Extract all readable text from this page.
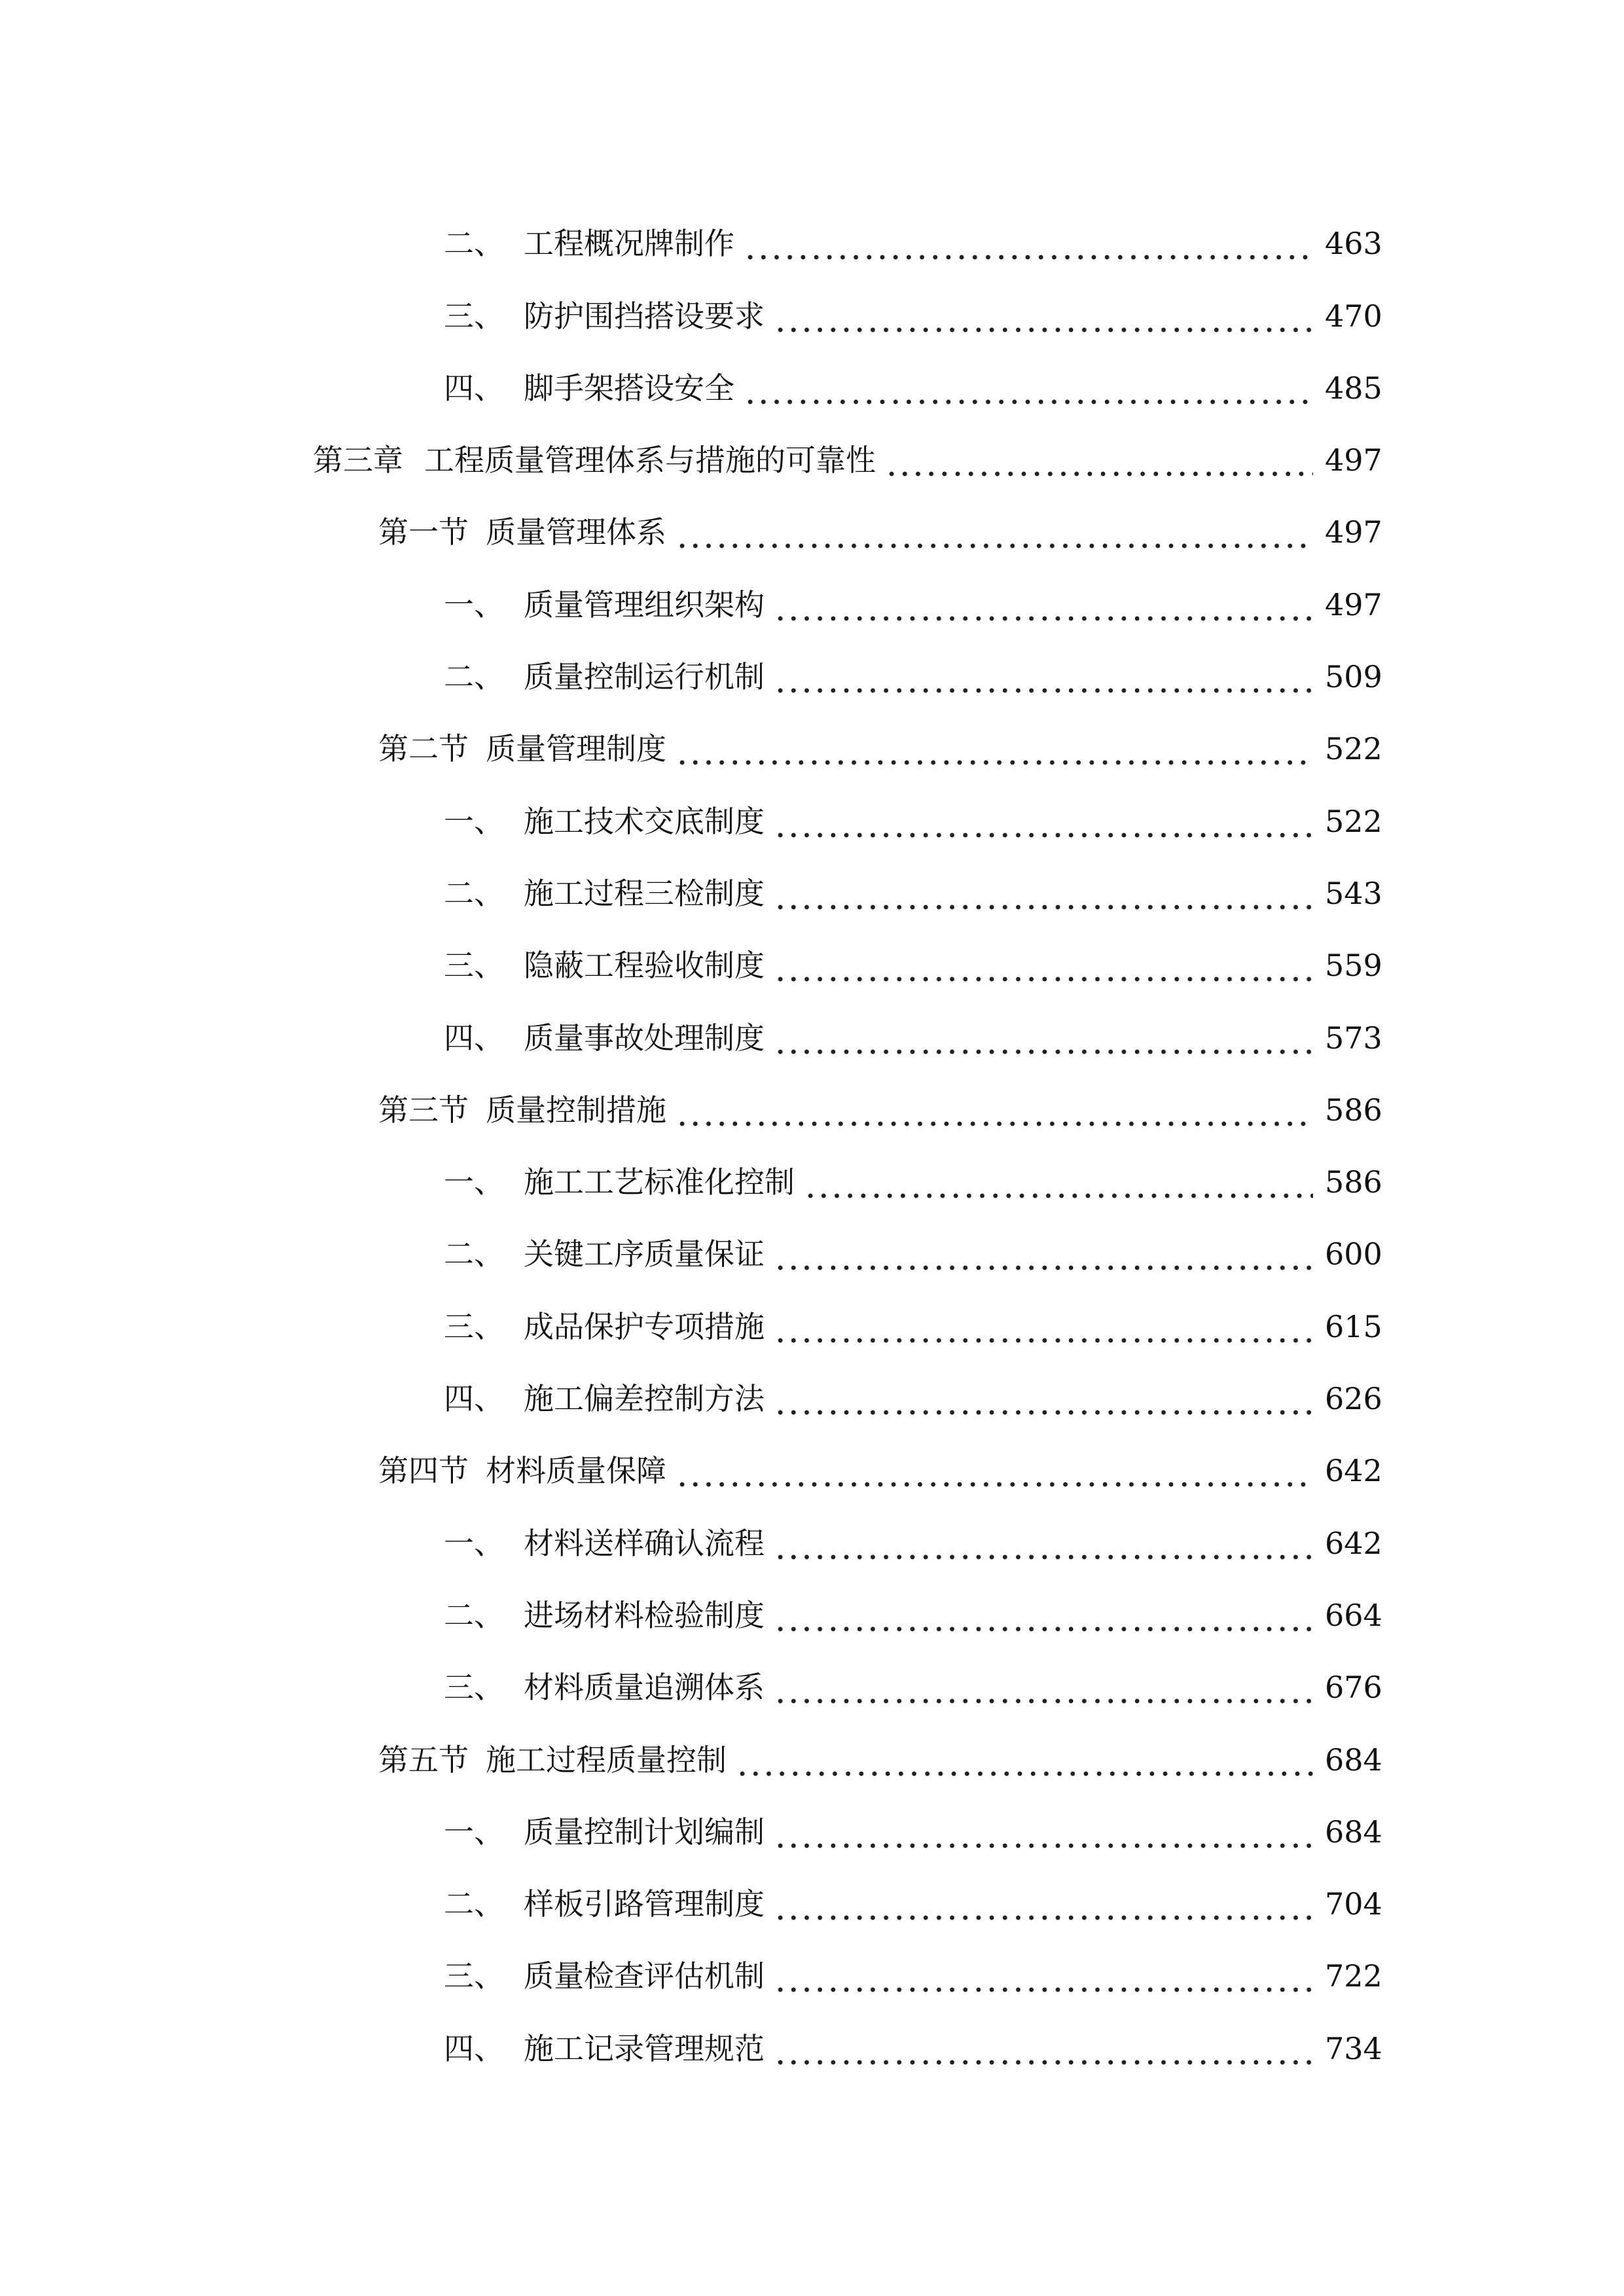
二、 工程概况牌制作	463
三、 防护围挡搭设要求	470
四、 脚手架搭设安全	485
第三章 工程质量管理体系与措施的可靠性	497
第一节 质量管理体系	497
一、 质量管理组织架构	497
二、 质量控制运行机制	509
第二节 质量管理制度	522
一、 施工技术交底制度	522
二、 施工过程三检制度	543
三、 隐蔽工程验收制度	559
四、 质量事故处理制度	573
第三节 质量控制措施	586
一、 施工工艺标准化控制	586
二、 关键工序质量保证	600
三、 成品保护专项措施	615
四、 施工偏差控制方法	626
第四节 材料质量保障	642
一、 材料送样确认流程	642
二、 进场材料检验制度	664
三、 材料质量追溯体系	676
第五节 施工过程质量控制	684
一、 质量控制计划编制	684
二、 样板引路管理制度	704
三、 质量检查评估机制	722
四、 施工记录管理规范	734
